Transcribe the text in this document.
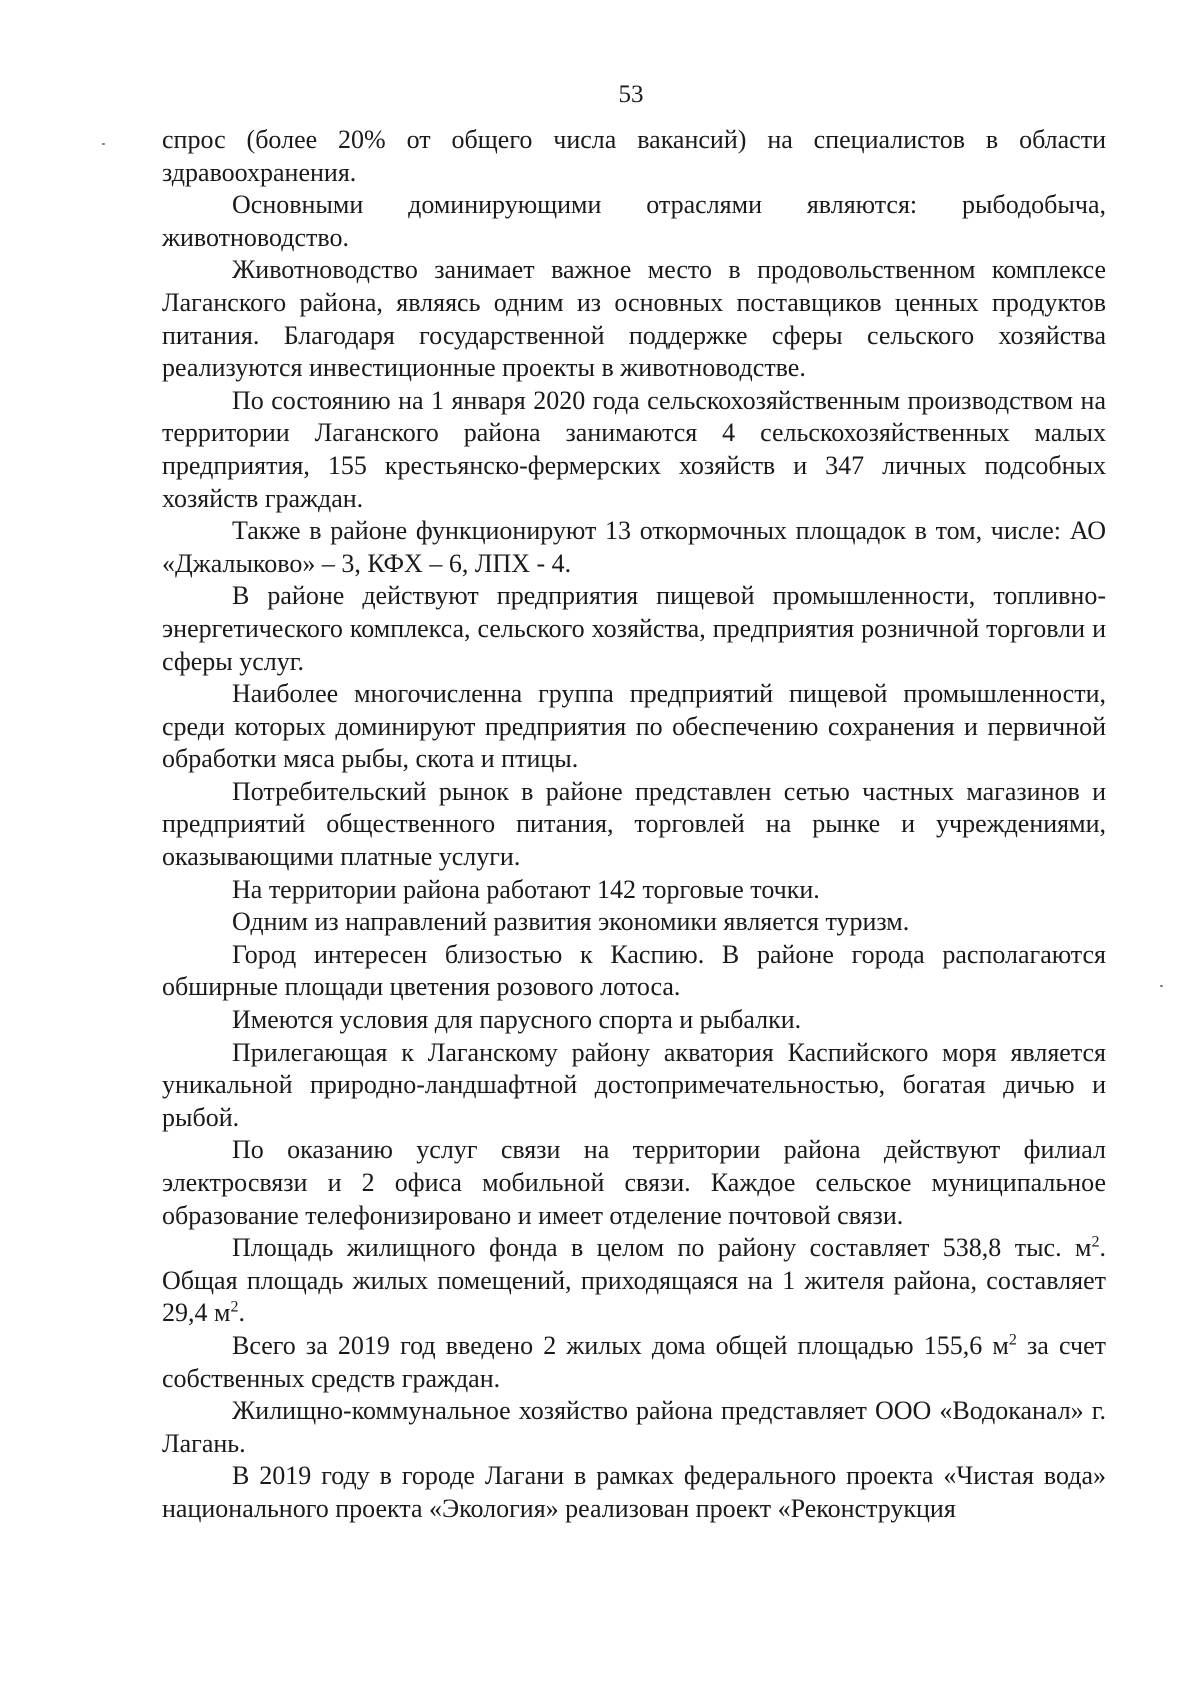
53

спрос (более 20% от общего числа вакансий) на специалистов в области здравоохранения.

Основными доминирующими отраслями являются: рыбодобыча, животноводство.

Животноводство занимает важное место в продовольственном комплексе Лаганского района, являясь одним из основных поставщиков ценных продуктов питания. Благодаря государственной поддержке сферы сельского хозяйства реализуются инвестиционные проекты в животноводстве.

По состоянию на 1 января 2020 года сельскохозяйственным производством на территории Лаганского района занимаются 4 сельскохозяйственных малых предприятия, 155 крестьянско-фермерских хозяйств и 347 личных подсобных хозяйств граждан.

Также в районе функционируют 13 откормочных площадок в том, числе: АО «Джалыково» – 3, КФХ – 6, ЛПХ - 4.

В районе действуют предприятия пищевой промышленности, топливно-энергетического комплекса, сельского хозяйства, предприятия розничной торговли и сферы услуг.

Наиболее многочисленна группа предприятий пищевой промышленности, среди которых доминируют предприятия по обеспечению сохранения и первичной обработки мяса рыбы, скота и птицы.

Потребительский рынок в районе представлен сетью частных магазинов и предприятий общественного питания, торговлей на рынке и учреждениями, оказывающими платные услуги.

На территории района работают 142 торговые точки.

Одним из направлений развития экономики является туризм.

Город интересен близостью к Каспию. В районе города располагаются обширные площади цветения розового лотоса.

Имеются условия для парусного спорта и рыбалки.

Прилегающая к Лаганскому району акватория Каспийского моря является уникальной природно-ландшафтной достопримечательностью, богатая дичью и рыбой.

По оказанию услуг связи на территории района действуют филиал электросвязи и 2 офиса мобильной связи. Каждое сельское муниципальное образование телефонизировано и имеет отделение почтовой связи.

Площадь жилищного фонда в целом по району составляет 538,8 тыс. $м^2$. Общая площадь жилых помещений, приходящаяся на 1 жителя района, составляет 29,4 $м^2$.

Всего за 2019 год введено 2 жилых дома общей площадью 155,6 $м^2$ за счет собственных средств граждан.

Жилищно-коммунальное хозяйство района представляет ООО «Водоканал» г. Лагань.

В 2019 году в городе Лагани в рамках федерального проекта «Чистая вода» национального проекта «Экология» реализован проект «Реконструкция
